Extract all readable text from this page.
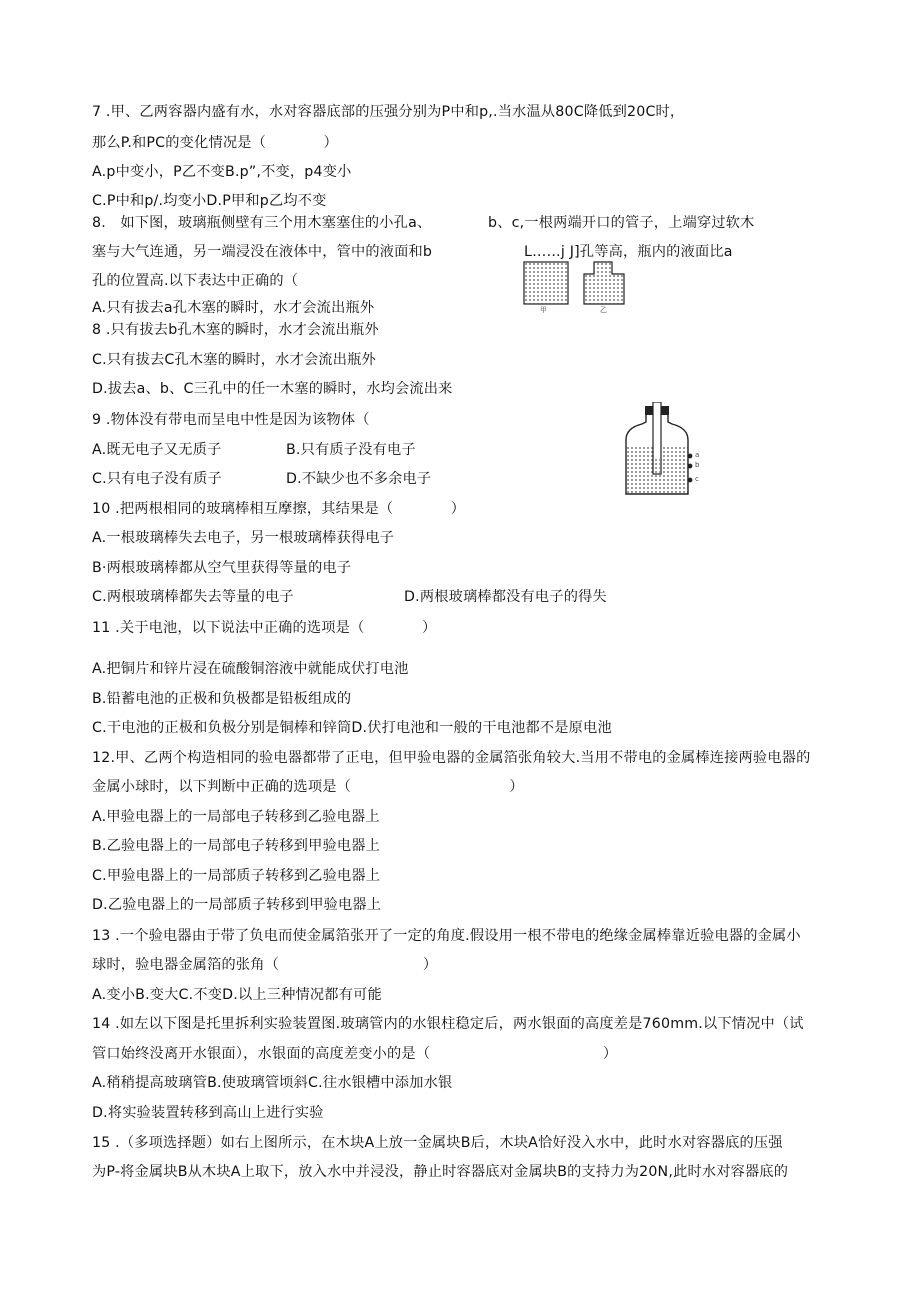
7 .甲、乙两容器内盛有水，水对容器底部的压强分别为P中和p,.当水温从80C降低到20C时，
那么P.和PC的变化情况是（　　　　）
A.p中变小，P乙不变B.p”,不变，p4变小
C.P中和p/.均变小D.P甲和p乙均不变
8.　如下图，玻璃瓶侧壁有三个用木塞塞住的小孔a、	b、c,一根两端开口的管子，上端穿过软木
塞与大气连通，另一端浸没在液体中，管中的液面和b	L……j J]孔等高，瓶内的液面比a
孔的位置高.以下表达中正确的（
A.只有拔去a孔木塞的瞬时，水才会流出瓶外
8 .只有拔去b孔木塞的瞬时，水才会流出瓶外
C.只有拔去C孔木塞的瞬时，水才会流出瓶外
D.拔去a、b、C三孔中的任一木塞的瞬时，水均会流出来
9 .物体没有带电而呈电中性是因为该物体（
A.既无电子又无质子	B.只有质子没有电子
C.只有电子没有质子	D.不缺少也不多余电子
10 .把两根相同的玻璃棒相互摩擦，其结果是（　　　　）
A.一根玻璃棒失去电子，另一根玻璃棒获得电子
B·两根玻璃棒都从空气里获得等量的电子
C.两根玻璃棒都失去等量的电子	D.两根玻璃棒都没有电子的得失
11 .关于电池，以下说法中正确的选项是（　　　　）
A.把铜片和锌片浸在硫酸铜溶液中就能成伏打电池
B.铅蓄电池的正极和负极都是铅板组成的
C.干电池的正极和负极分别是铜棒和锌筒D.伏打电池和一般的干电池都不是原电池
12.甲、乙两个构造相同的验电器都带了正电，但甲验电器的金属箔张角较大.当用不带电的金属棒连接两验电器的
金属小球时，以下判断中正确的选项是（　　　　　　　　　　　）
A.甲验电器上的一局部电子转移到乙验电器上
B.乙验电器上的一局部电子转移到甲验电器上
C.甲验电器上的一局部质子转移到乙验电器上
D.乙验电器上的一局部质子转移到甲验电器上
13 .一个验电器由于带了负电而使金属箔张开了一定的角度.假设用一根不带电的绝缘金属棒靠近验电器的金属小
球时，验电器金属箔的张角（　　　　　　　　　　）
A.变小B.变大C.不变D.以上三种情况都有可能
14 .如左以下图是托里拆利实验装置图.玻璃管内的水银柱稳定后，两水银面的高度差是760mm.以下情况中（试
管口始终没离开水银面），水银面的高度差变小的是（　　　　　　　　　　　　）
A.稍稍提高玻璃管B.使玻璃管顷斜C.往水银槽中添加水银
D.将实验装置转移到高山上进行实验
15 .（多项选择题）如右上图所示，在木块A上放一金属块B后，木块A恰好没入水中，此时水对容器底的压强
为P-将金属块B从木块A上取下，放入水中并浸没，静止时容器底对金属块B的支持力为20N,此时水对容器底的
甲	乙
a
b
c
